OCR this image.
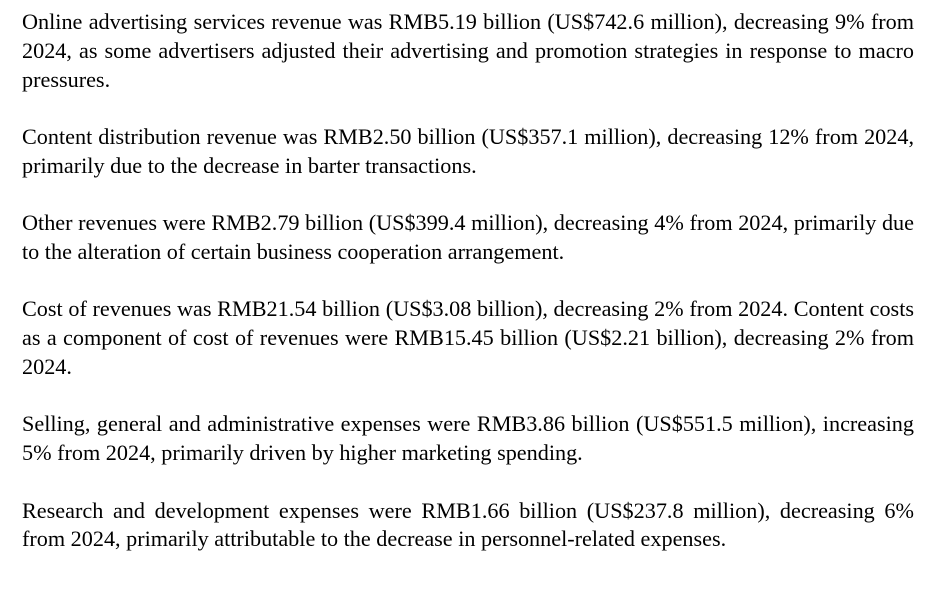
Online advertising services revenue was RMB5.19 billion (US$742.6 million), decreasing 9% from 2024, as some advertisers adjusted their advertising and promotion strategies in response to macro pressures.

Content distribution revenue was RMB2.50 billion (US$357.1 million), decreasing 12% from 2024, primarily due to the decrease in barter transactions.

Other revenues were RMB2.79 billion (US$399.4 million), decreasing 4% from 2024, primarily due to the alteration of certain business cooperation arrangement.

Cost of revenues was RMB21.54 billion (US$3.08 billion), decreasing 2% from 2024. Content costs as a component of cost of revenues were RMB15.45 billion (US$2.21 billion), decreasing 2% from 2024.

Selling, general and administrative expenses were RMB3.86 billion (US$551.5 million), increasing 5% from 2024, primarily driven by higher marketing spending.

Research and development expenses were RMB1.66 billion (US$237.8 million), decreasing 6% from 2024, primarily attributable to the decrease in personnel-related expenses.
